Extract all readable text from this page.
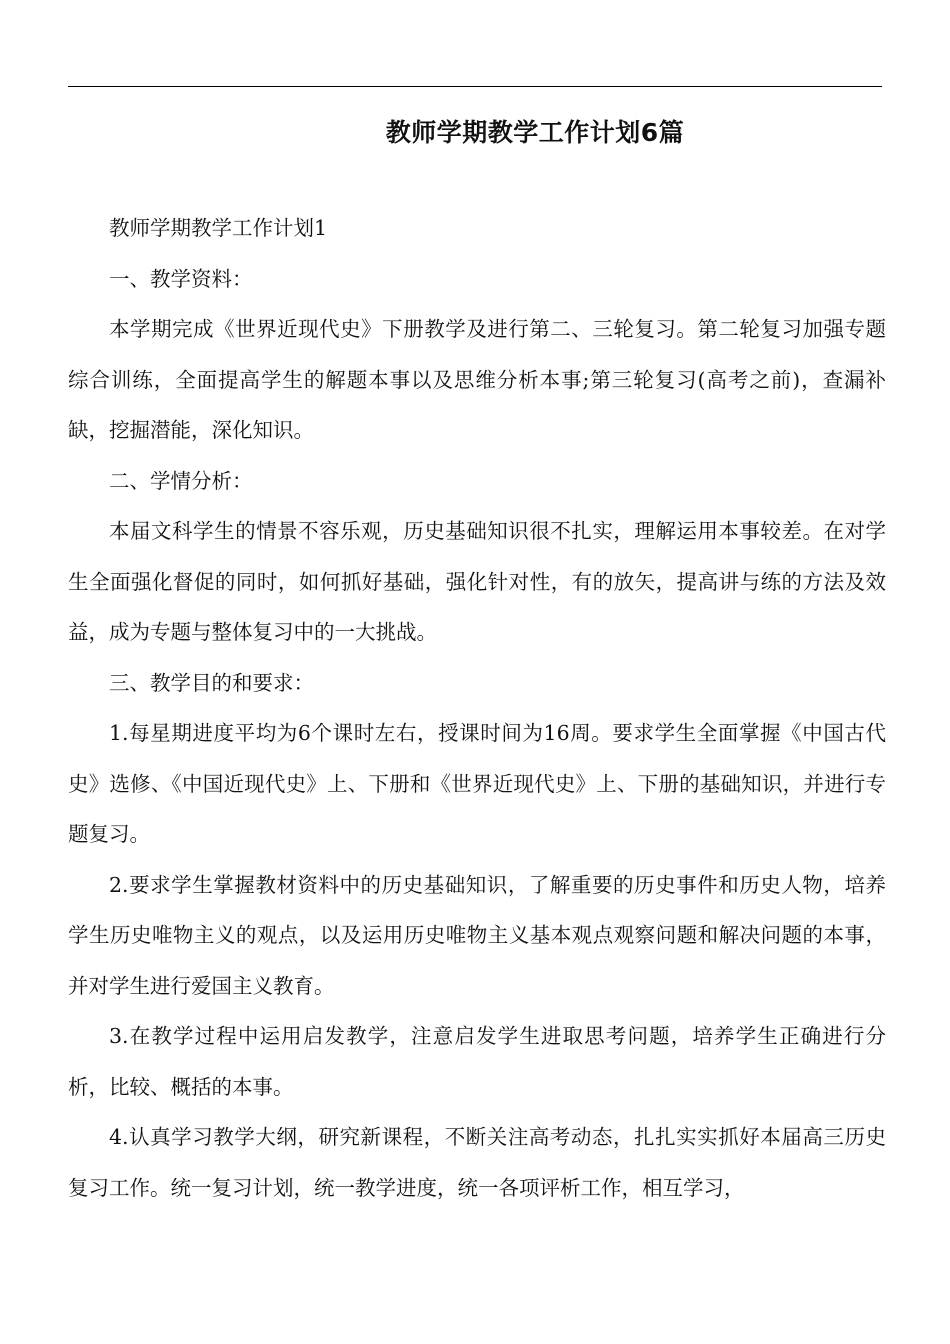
教师学期教学工作计划6篇

教师学期教学工作计划1

一、教学资料：

本学期完成《世界近现代史》下册教学及进行第二、三轮复习。第二轮复习加强专题综合训练，全面提高学生的解题本事以及思维分析本事;第三轮复习(高考之前)，查漏补缺，挖掘潜能，深化知识。

二、学情分析：

本届文科学生的情景不容乐观，历史基础知识很不扎实，理解运用本事较差。在对学生全面强化督促的同时，如何抓好基础，强化针对性，有的放矢，提高讲与练的方法及效益，成为专题与整体复习中的一大挑战。

三、教学目的和要求：

1.每星期进度平均为6个课时左右，授课时间为16周。要求学生全面掌握《中国古代史》选修、《中国近现代史》上、下册和《世界近现代史》上、下册的基础知识，并进行专题复习。

2.要求学生掌握教材资料中的历史基础知识，了解重要的历史事件和历史人物，培养学生历史唯物主义的观点，以及运用历史唯物主义基本观点观察问题和解决问题的本事，并对学生进行爱国主义教育。

3.在教学过程中运用启发教学，注意启发学生进取思考问题，培养学生正确进行分析，比较、概括的本事。

4.认真学习教学大纲，研究新课程，不断关注高考动态，扎扎实实抓好本届高三历史复习工作。统一复习计划，统一教学进度，统一各项评析工作，相互学习，
